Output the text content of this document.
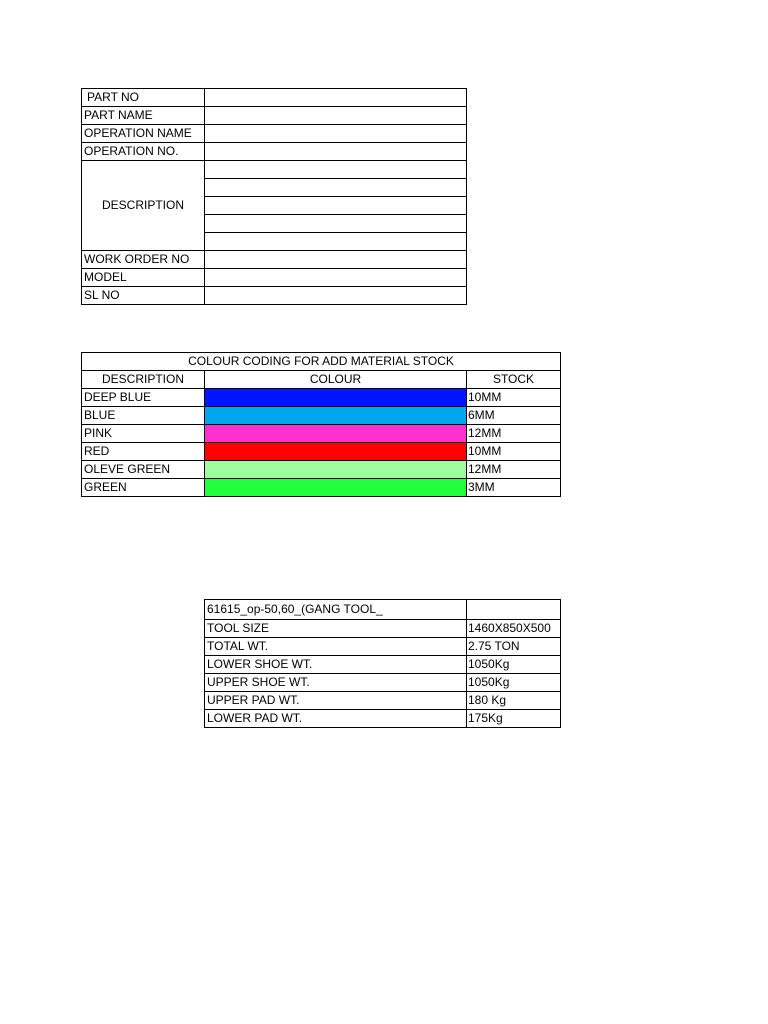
PART NO	
PART NAME	
OPERATION NAME	
OPERATION NO.	
DESCRIPTION	

WORK ORDER NO	
MODEL	
SL NO	
COLOUR CODING FOR ADD MATERIAL STOCK		
DESCRIPTION	COLOUR	STOCK
DEEP BLUE		10MM
BLUE		6MM
PINK		12MM
RED		10MM
OLEVE GREEN		12MM
GREEN		3MM
61615_op-50,60_(GANG TOOL_	
TOOL SIZE	1460X850X500
TOTAL WT.	2.75 TON
LOWER SHOE WT.	1050Kg
UPPER SHOE WT.	1050Kg
UPPER PAD WT.	180 Kg
LOWER PAD WT.	175Kg
